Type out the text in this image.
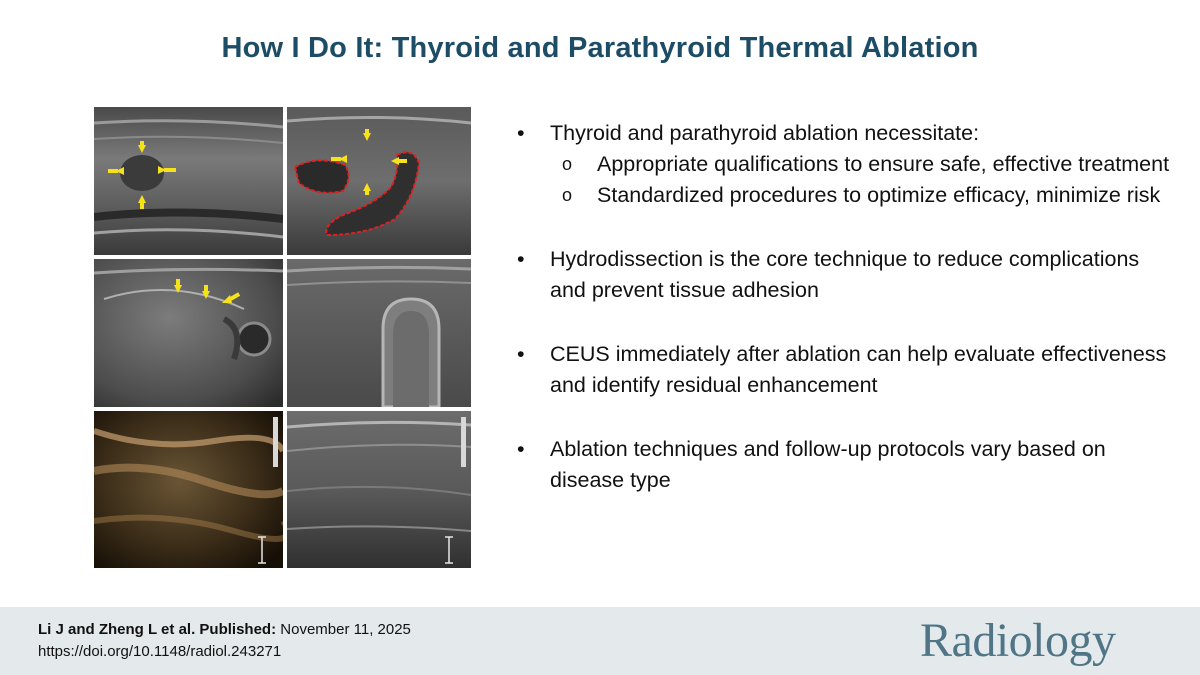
How I Do It: Thyroid and Parathyroid Thermal Ablation
• Thyroid and parathyroid ablation necessitate:
o Appropriate qualifications to ensure safe, effective treatment
o Standardized procedures to optimize efficacy, minimize risk
• Hydrodissection is the core technique to reduce complications and prevent tissue adhesion
• CEUS immediately after ablation can help evaluate effectiveness and identify residual enhancement
• Ablation techniques and follow-up protocols vary based on disease type
Li J and Zheng L et al. Published: November 11, 2025
https://doi.org/10.1148/radiol.243271	Radiology
